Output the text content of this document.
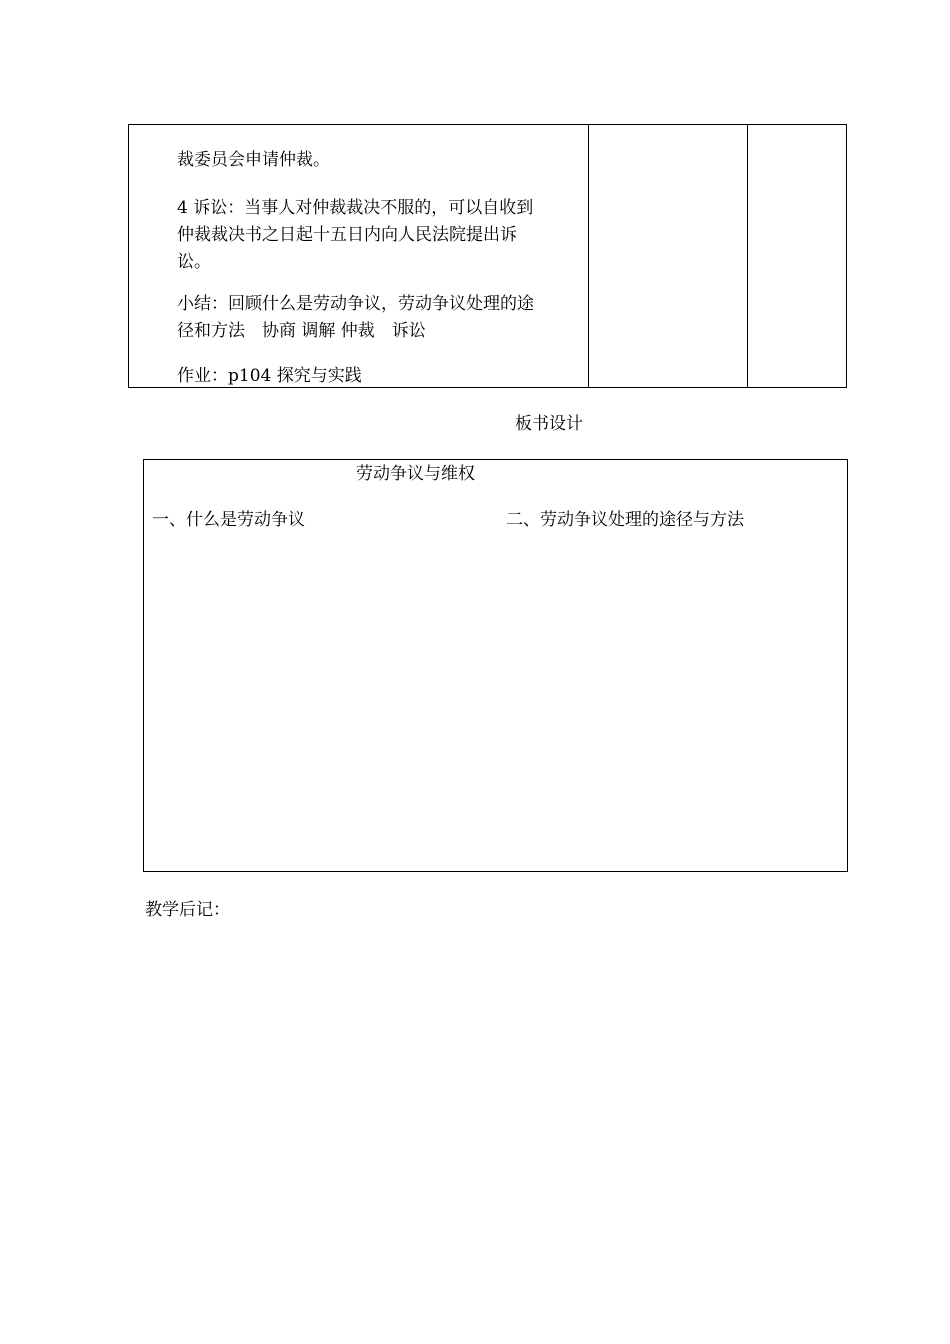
裁委员会申请仲裁。
4 诉讼：当事人对仲裁裁决不服的，可以自收到
仲裁裁决书之日起十五日内向人民法院提出诉
讼。
小结：回顾什么是劳动争议，劳动争议处理的途
径和方法　协商 调解 仲裁　诉讼
作业：p104 探究与实践
板书设计
劳动争议与维权
一、什么是劳动争议	二、劳动争议处理的途径与方法
教学后记：
